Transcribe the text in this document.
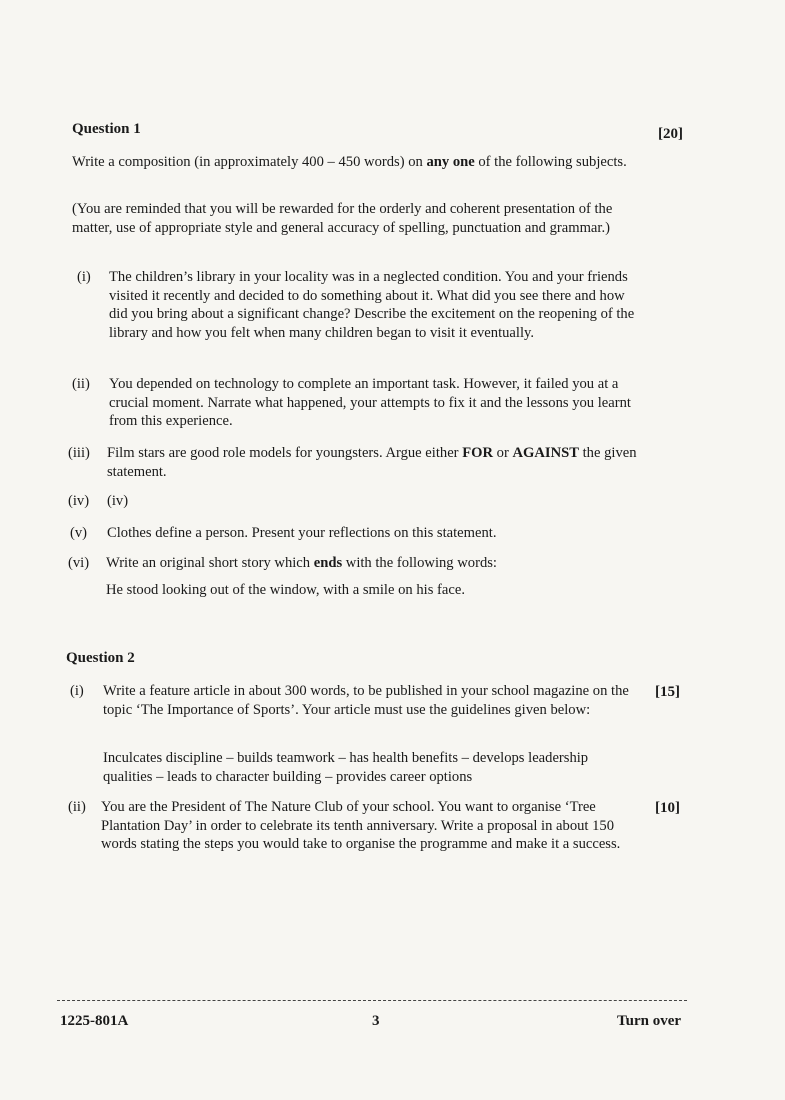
Question 1	[20]
Write a composition (in approximately 400 – 450 words) on any one of the following subjects.
(You are reminded that you will be rewarded for the orderly and coherent presentation of the matter, use of appropriate style and general accuracy of spelling, punctuation and grammar.)
(i) The children’s library in your locality was in a neglected condition. You and your friends visited it recently and decided to do something about it. What did you see there and how did you bring about a significant change? Describe the excitement on the reopening of the library and how you felt when many children began to visit it eventually.
(ii) You depended on technology to complete an important task. However, it failed you at a crucial moment. Narrate what happened, your attempts to fix it and the lessons you learnt from this experience.
(iii) Film stars are good role models for youngsters. Argue either FOR or AGAINST the given statement.
(iv) (iv)
(v) Clothes define a person. Present your reflections on this statement.
(vi) Write an original short story which ends with the following words:
He stood looking out of the window, with a smile on his face.
Question 2
(i) Write a feature article in about 300 words, to be published in your school magazine on the topic ‘The Importance of Sports’. Your article must use the guidelines given below:
[15]
Inculcates discipline – builds teamwork – has health benefits – develops leadership qualities – leads to character building – provides career options
(ii) You are the President of The Nature Club of your school. You want to organise ‘Tree Plantation Day’ in order to celebrate its tenth anniversary. Write a proposal in about 150 words stating the steps you would take to organise the programme and make it a success.
[10]
1225-801A	3	Turn over
